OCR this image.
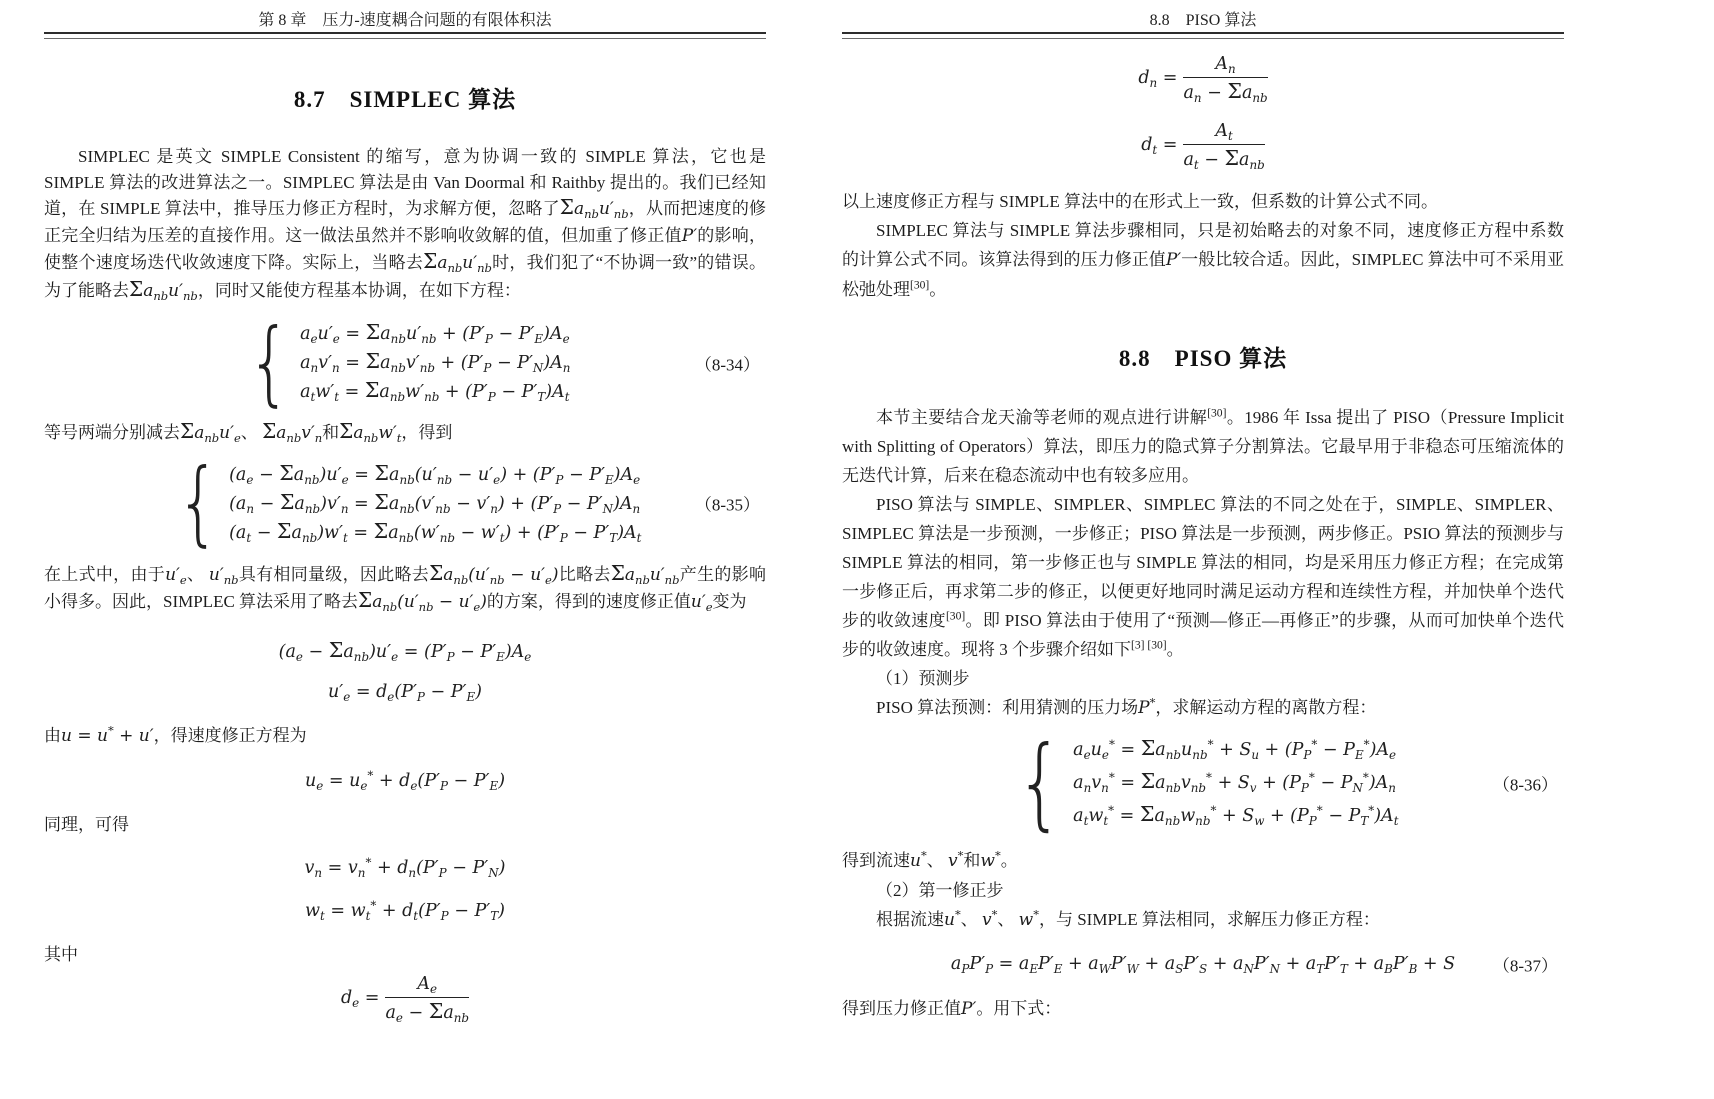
第 8 章　压力-速度耦合问题的有限体积法
8.7　SIMPLEC 算法
SIMPLEC 是英文 SIMPLE Consistent 的缩写，意为协调一致的 SIMPLE 算法，它也是 SIMPLE 算法的改进算法之一。SIMPLEC 算法是由 Van Doormal 和 Raithby 提出的。我们已经知道，在 SIMPLE 算法中，推导压力修正方程时，为求解方便，忽略了$\Sigma a_{nb}u'_{nb}$，从而把速度的修正完全归结为压差的直接作用。这一做法虽然并不影响收敛解的值，但加重了修正值P′的影响，使整个速度场迭代收敛速度下降。实际上，当略去$\Sigma a_{nb}u'_{nb}$时，我们犯了“不协调一致”的错误。为了能略去$\Sigma a_{nb}u'_{nb}$，同时又能使方程基本协调，在如下方程：
{ $a_eu'_e = \Sigma a_{nb}u'_{nb} + (P'_P - P'_E)A_e$
$a_nv'_n = \Sigma a_{nb}v'_{nb} + (P'_P - P'_N)A_n$
$a_tw'_t = \Sigma a_{nb}w'_{nb} + (P'_P - P'_T)A_t$
（8-34）
等号两端分别减去$\Sigma a_{nb}u'_e$、 $\Sigma a_{nb}v'_n$和$\Sigma a_{nb}w'_t$，得到
{ $(a_e - \Sigma a_{nb})u'_e = \Sigma a_{nb}(u'_{nb} - u'_e) + (P'_P - P'_E)A_e$
$(a_n - \Sigma a_{nb})v'_n = \Sigma a_{nb}(v'_{nb} - v'_n) + (P'_P - P'_N)A_n$
$(a_t - \Sigma a_{nb})w'_t = \Sigma a_{nb}(w'_{nb} - w'_t) + (P'_P - P'_T)A_t$
（8-35）
在上式中，由于$u'_e$、 $u'_{nb}$具有相同量级，因此略去$\Sigma a_{nb}(u'_{nb} - u'_e)$比略去$\Sigma a_{nb}u'_{nb}$产生的影响小得多。因此，SIMPLEC 算法采用了略去$\Sigma a_{nb}(u'_{nb} - u'_e)$的方案，得到的速度修正值$u'_e$变为
$(a_e - \Sigma a_{nb})u'_e = (P'_P - P'_E)A_e$
$u'_e = d_e(P'_P - P'_E)$
由u = u* + u′，得速度修正方程为
$u_e = u_e^* + d_e(P'_P - P'_E)$
同理，可得
$v_n = v_n^* + d_n(P'_P - P'_N)$
$w_t = w_t^* + d_t(P'_P - P'_T)$
其中
$d_e = \frac{A_e}{a_e - \Sigma a_{nb}}$
8.8　PISO 算法
$d_n = \frac{A_n}{a_n - \Sigma a_{nb}}$
$d_t = \frac{A_t}{a_t - \Sigma a_{nb}}$
以上速度修正方程与 SIMPLE 算法中的在形式上一致，但系数的计算公式不同。
SIMPLEC 算法与 SIMPLE 算法步骤相同，只是初始略去的对象不同，速度修正方程中系数的计算公式不同。该算法得到的压力修正值P′一般比较合适。因此，SIMPLEC 算法中可不采用亚松弛处理[30]。
8.8　PISO 算法
本节主要结合龙天渝等老师的观点进行讲解[30]。1986 年 Issa 提出了 PISO（Pressure Implicit with Splitting of Operators）算法，即压力的隐式算子分割算法。它最早用于非稳态可压缩流体的无迭代计算，后来在稳态流动中也有较多应用。
PISO 算法与 SIMPLE、SIMPLER、SIMPLEC 算法的不同之处在于，SIMPLE、SIMPLER、SIMPLEC 算法是一步预测，一步修正；PISO 算法是一步预测，两步修正。PSIO 算法的预测步与 SIMPLE 算法的相同，第一步修正也与 SIMPLE 算法的相同，均是采用压力修正方程；在完成第一步修正后，再求第二步的修正，以便更好地同时满足运动方程和连续性方程，并加快单个迭代步的收敛速度[30]。即 PISO 算法由于使用了“预测—修正—再修正”的步骤，从而可加快单个迭代步的收敛速度。现将 3 个步骤介绍如下[3] [30]。
（1）预测步
PISO 算法预测：利用猜测的压力场P*，求解运动方程的离散方程：
{ $a_eu_e^* = \Sigma a_{nb}u_{nb}^* + S_u + (P_P^* - P_E^*)A_e$
$a_nv_n^* = \Sigma a_{nb}v_{nb}^* + S_v + (P_P^* - P_N^*)A_n$
$a_tw_t^* = \Sigma a_{nb}w_{nb}^* + S_w + (P_P^* - P_T^*)A_t$
（8-36）
得到流速u*、 v*和w*。
（2）第一修正步
根据流速u*、 v*、 w*，与 SIMPLE 算法相同，求解压力修正方程：
$a_PP'_P = a_EP'_E + a_WP'_W + a_SP'_S + a_NP'_N + a_TP'_T + a_BP'_B + S$ （8-37）
得到压力修正值P′。用下式：
